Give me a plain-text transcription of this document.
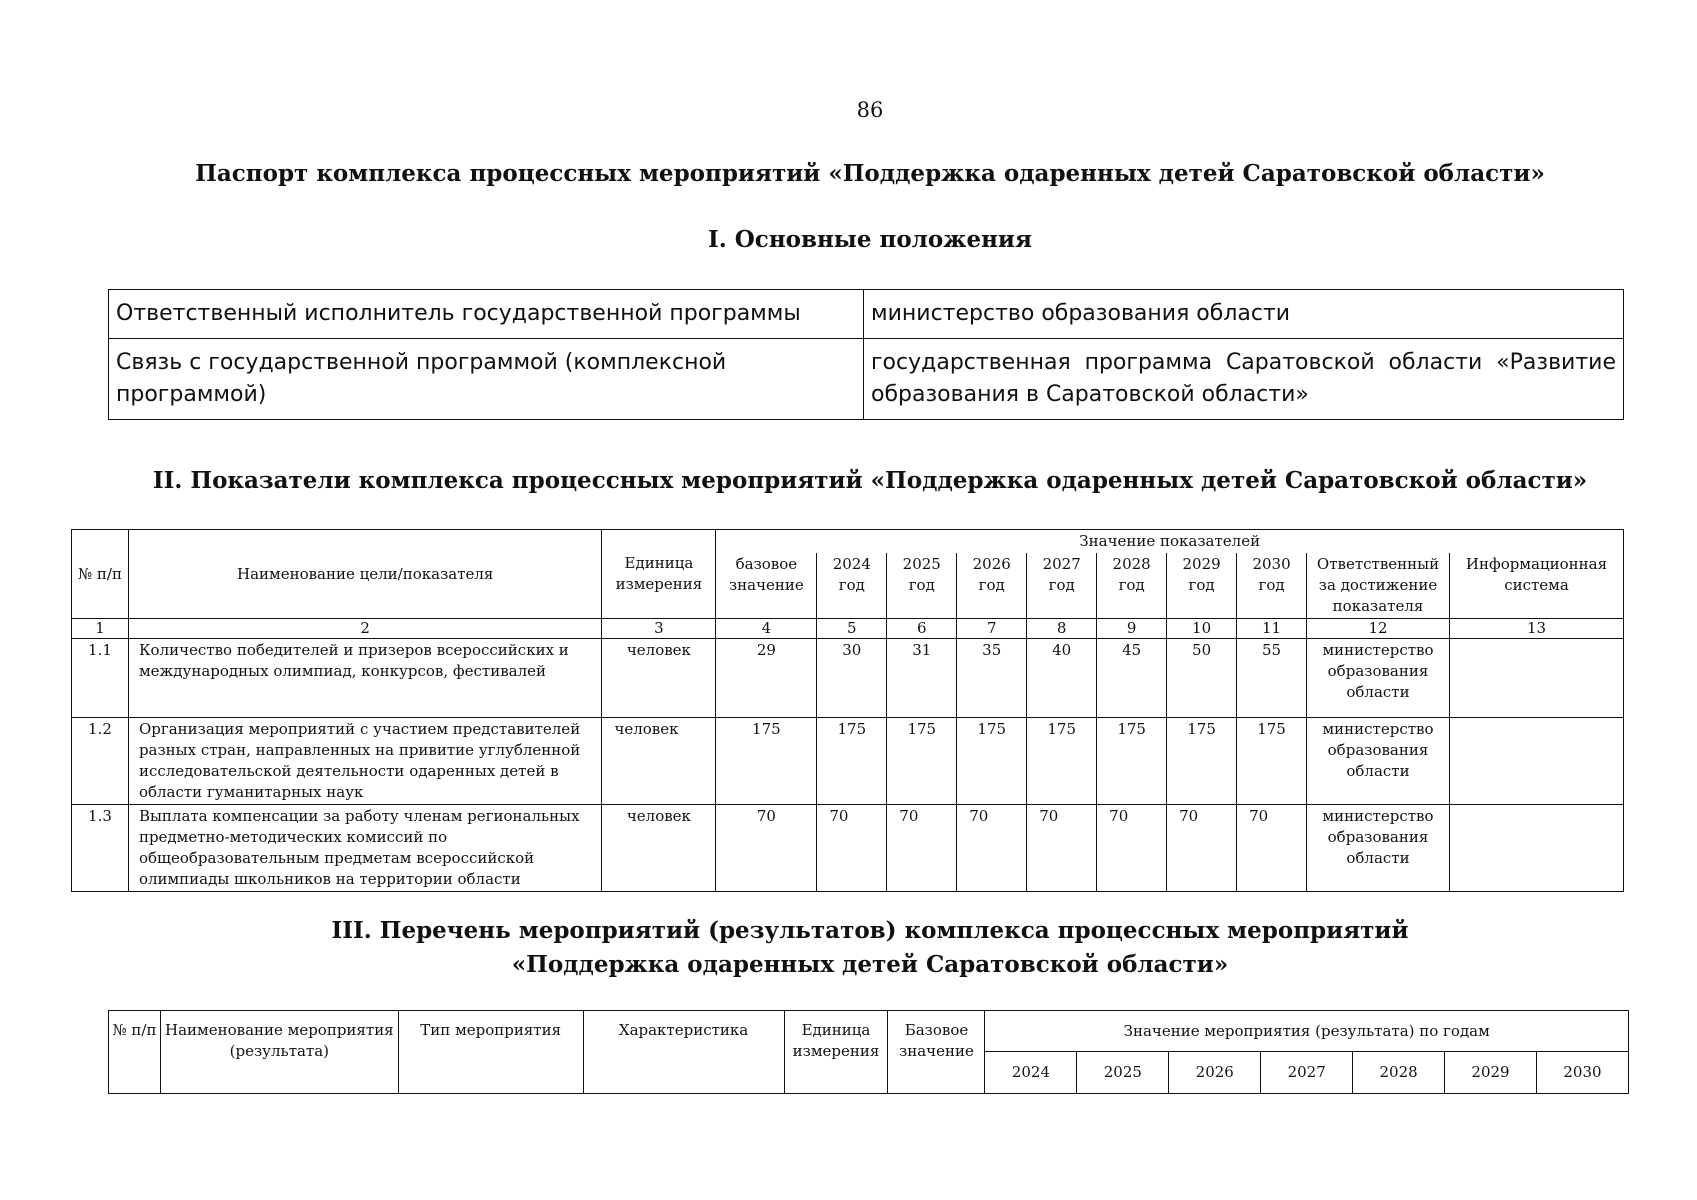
86
Паспорт комплекса процессных мероприятий «Поддержка одаренных детей Саратовской области»
I. Основные положения
Ответственный исполнитель государственной программы	министерство образования области
Связь с государственной программой (комплексной программой)	государственная программа Саратовской области «Развитие образования в Саратовской области»
II. Показатели комплекса процессных мероприятий «Поддержка одаренных детей Саратовской области»
№ п/п	Наименование цели/показателя	Единица измерения	Значение показателей									
			базовое значение	2024 год	2025 год	2026 год	2027 год	2028 год	2029 год	2030 год	Ответственный за достижение показателя	Информационная система
1	2	3	4	5	6	7	8	9	10	11	12	13
1.1	Количество победителей и призеров всероссийских и международных олимпиад, конкурсов, фестивалей	человек	29	30	31	35	40	45	50	55	министерство образования области	
1.2	Организация мероприятий с участием представителей разных стран, направленных на привитие углубленной исследовательской деятельности одаренных детей в области гуманитарных наук	человек	175	175	175	175	175	175	175	175	министерство образования области	
1.3	Выплата компенсации за работу членам региональных предметно-методических комиссий по общеобразовательным предметам всероссийской олимпиады школьников на территории области	человек	70	70	70	70	70	70	70	70	министерство образования области	
III. Перечень мероприятий (результатов) комплекса процессных мероприятий
«Поддержка одаренных детей Саратовской области»
№ п/п	Наименование мероприятия (результата)	Тип мероприятия	Характеристика	Единица измерения	Базовое значение	Значение мероприятия (результата) по годам						
						2024	2025	2026	2027	2028	2029	2030
